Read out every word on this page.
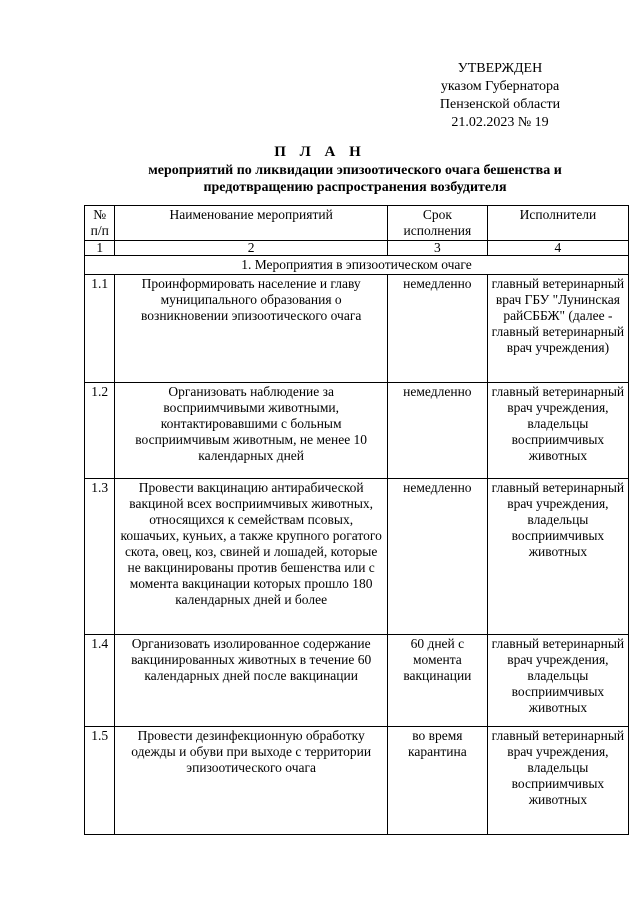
УТВЕРЖДЕН
указом Губернатора
Пензенской области
21.02.2023 № 19
П Л А Н
мероприятий по ликвидации эпизоотического очага бешенства и предотвращению распространения возбудителя
№ п/п	Наименование мероприятий	Срок исполнения	Исполнители
1	2	3	4
1. Мероприятия в эпизоотическом очаге			
1.1	Проинформировать население и главу муниципального образования о возникновении эпизоотического очага	немедленно	главный ветеринарный врач ГБУ "Лунинская райСББЖ" (далее - главный ветеринарный врач учреждения)
1.2	Организовать наблюдение за восприимчивыми животными, контактировавшими с больным восприимчивым животным, не менее 10 календарных дней	немедленно	главный ветеринарный врач учреждения, владельцы восприимчивых животных
1.3	Провести вакцинацию антирабической вакциной всех восприимчивых животных, относящихся к семействам псовых, кошачьих, куньих, а также крупного рогатого скота, овец, коз, свиней и лошадей, которые не вакцинированы против бешенства или с момента вакцинации которых прошло 180 календарных дней и более	немедленно	главный ветеринарный врач учреждения, владельцы восприимчивых животных
1.4	Организовать изолированное содержание вакцинированных животных в течение 60 календарных дней после вакцинации	60 дней с момента вакцинации	главный ветеринарный врач учреждения, владельцы восприимчивых животных
1.5	Провести дезинфекционную обработку одежды и обуви при выходе с территории эпизоотического очага	во время карантина	главный ветеринарный врач учреждения, владельцы восприимчивых животных
